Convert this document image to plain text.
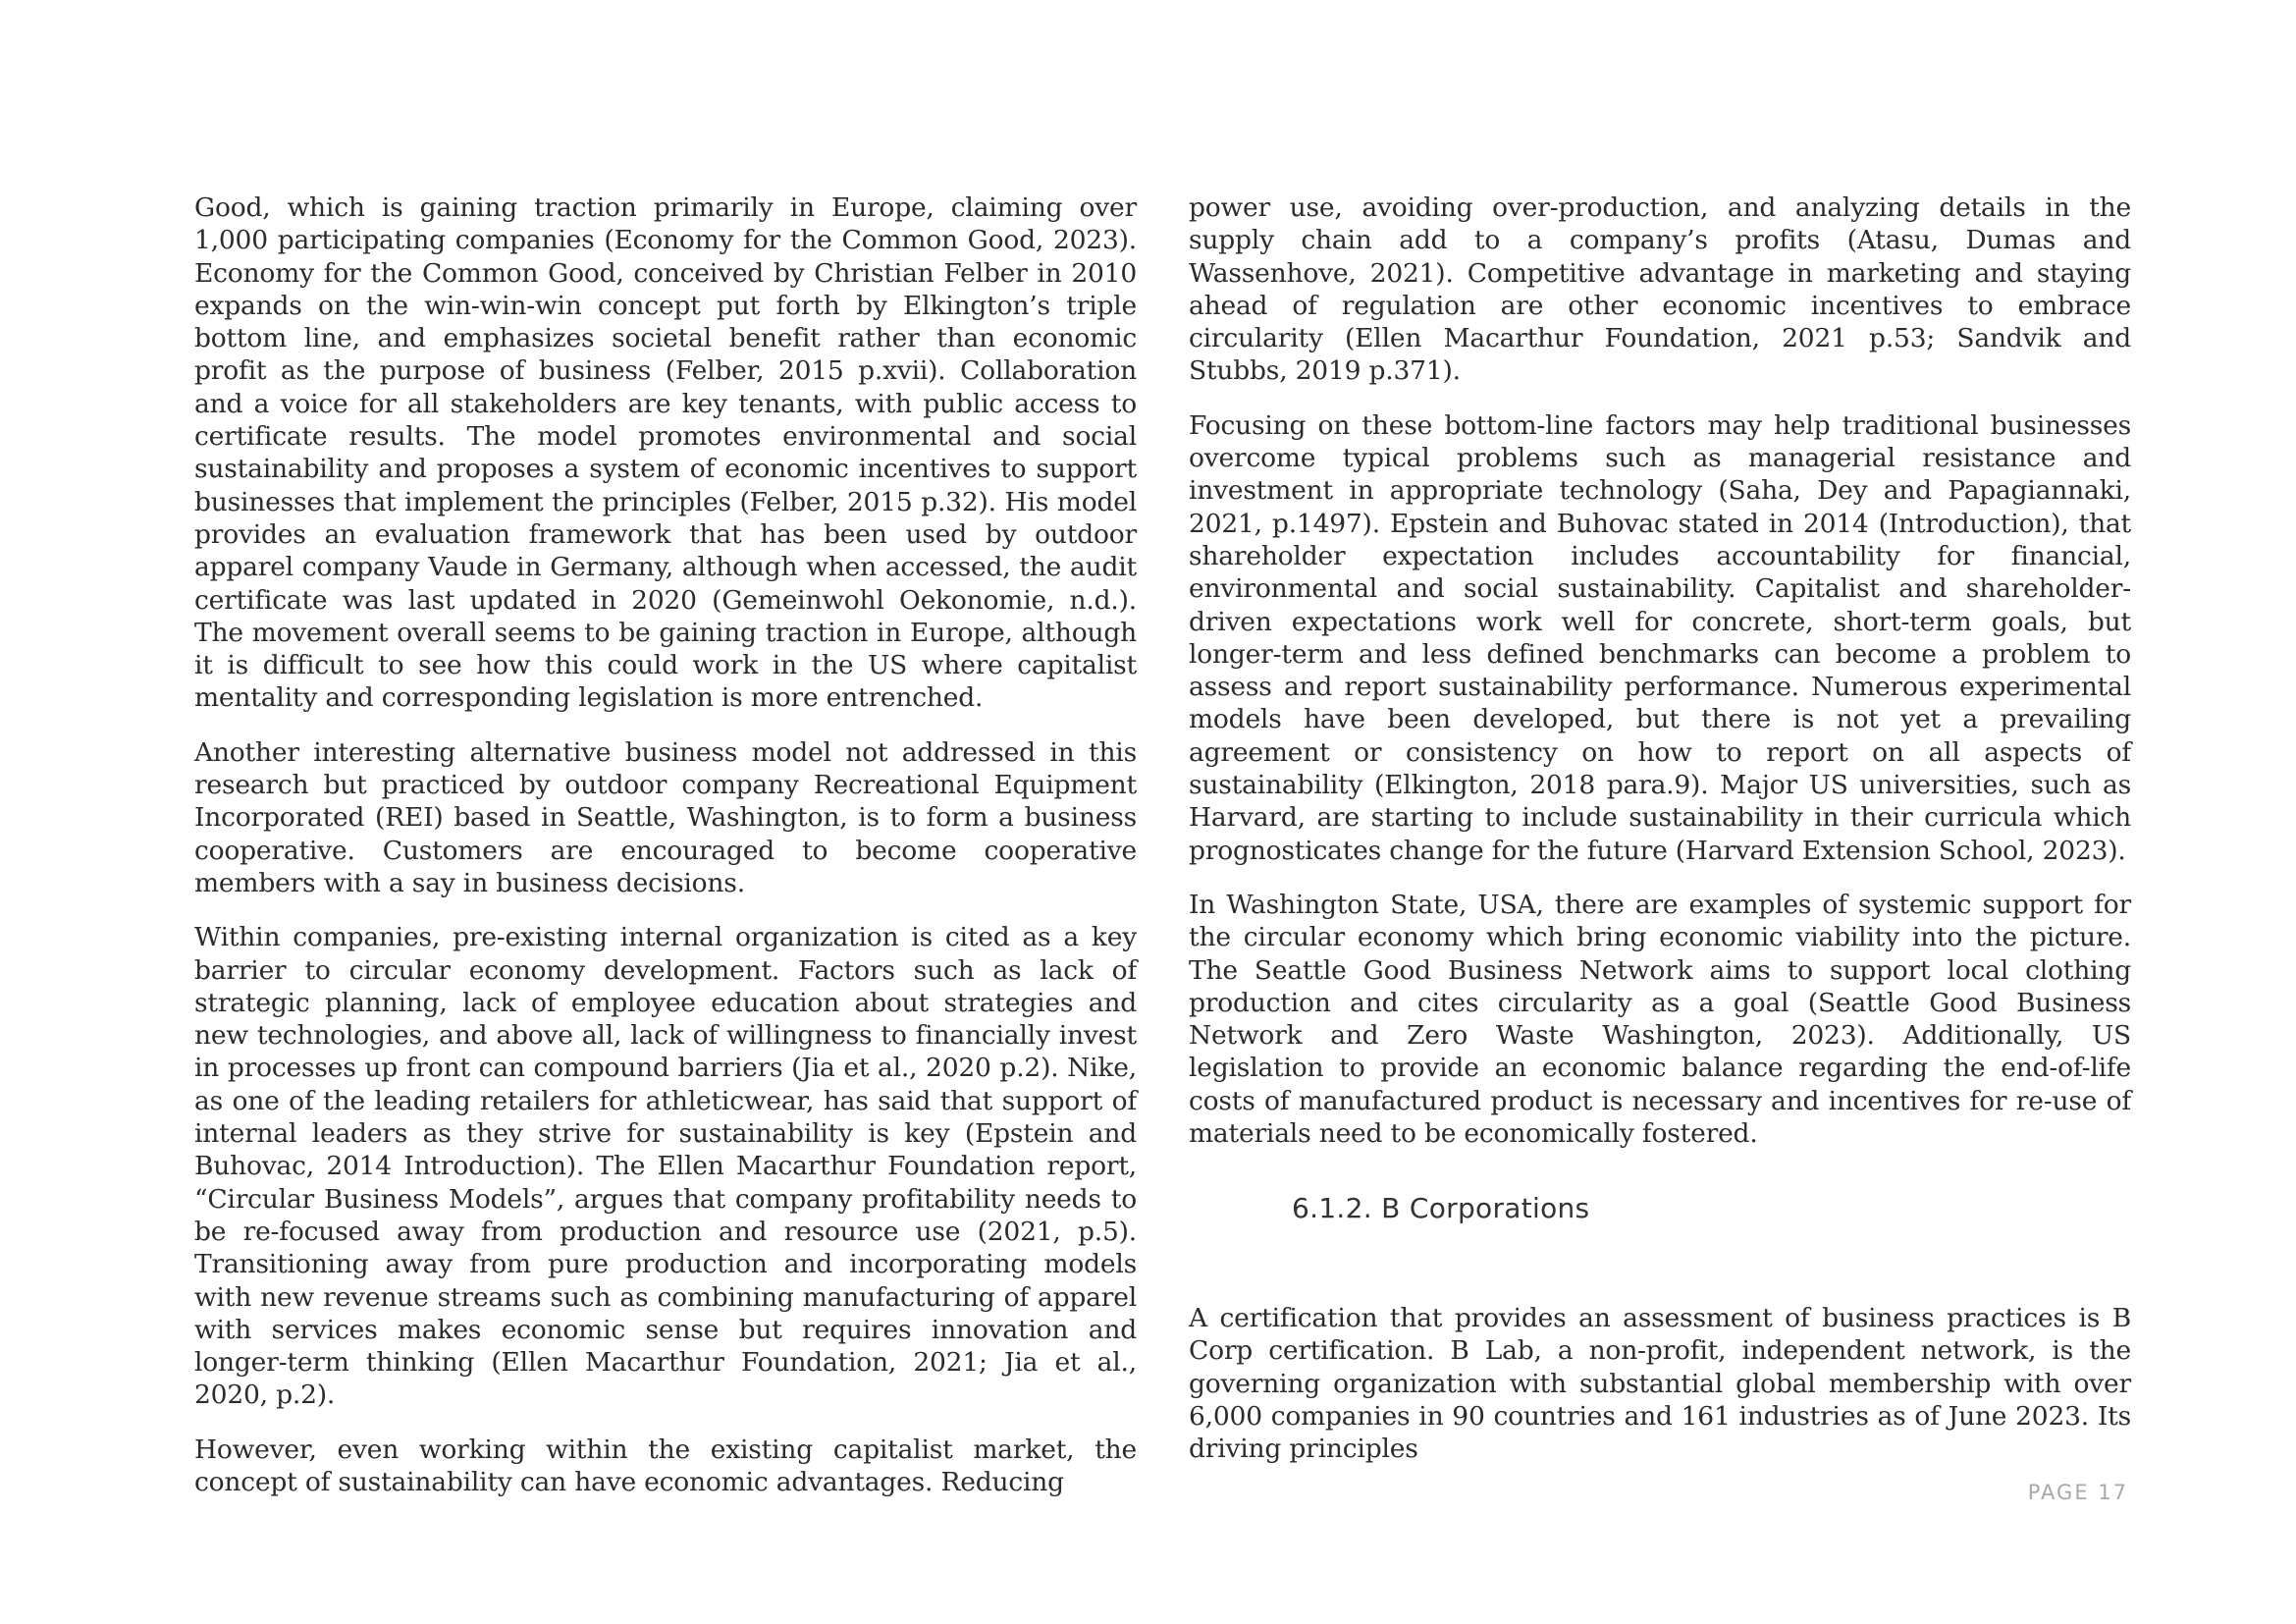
Good, which is gaining traction primarily in Europe, claiming over 1,000 participating companies (Economy for the Common Good, 2023). Economy for the Common Good, conceived by Christian Felber in 2010 expands on the win-win-win concept put forth by Elkington’s triple bottom line, and emphasizes societal benefit rather than economic profit as the purpose of business (Felber, 2015 p.xvii). Collaboration and a voice for all stakeholders are key tenants, with public access to certificate results. The model promotes environmental and social sustainability and proposes a system of economic incentives to support businesses that implement the principles (Felber, 2015 p.32). His model provides an evaluation framework that has been used by outdoor apparel company Vaude in Germany, although when accessed, the audit certificate was last updated in 2020 (Gemeinwohl Oekonomie, n.d.). The movement overall seems to be gaining traction in Europe, although it is difficult to see how this could work in the US where capitalist mentality and corresponding legislation is more entrenched.

Another interesting alternative business model not addressed in this research but practiced by outdoor company Recreational Equipment Incorporated (REI) based in Seattle, Washington, is to form a business cooperative. Customers are encouraged to become cooperative members with a say in business decisions.

Within companies, pre-existing internal organization is cited as a key barrier to circular economy development. Factors such as lack of strategic planning, lack of employee education about strategies and new technologies, and above all, lack of willingness to financially invest in processes up front can compound barriers (Jia et al., 2020 p.2). Nike, as one of the leading retailers for athleticwear, has said that support of internal leaders as they strive for sustainability is key (Epstein and Buhovac, 2014 Introduction). The Ellen Macarthur Foundation report, “Circular Business Models”, argues that company profitability needs to be re-focused away from production and resource use (2021, p.5). Transitioning away from pure production and incorporating models with new revenue streams such as combining manufacturing of apparel with services makes economic sense but requires innovation and longer-term thinking (Ellen Macarthur Foundation, 2021; Jia et al., 2020, p.2).

However, even working within the existing capitalist market, the concept of sustainability can have economic advantages. Reducing

power use, avoiding over-production, and analyzing details in the supply chain add to a company’s profits (Atasu, Dumas and Wassenhove, 2021). Competitive advantage in marketing and staying ahead of regulation are other economic incentives to embrace circularity (Ellen Macarthur Foundation, 2021 p.53; Sandvik and Stubbs, 2019 p.371).

Focusing on these bottom-line factors may help traditional businesses overcome typical problems such as managerial resistance and investment in appropriate technology (Saha, Dey and Papagiannaki, 2021, p.1497). Epstein and Buhovac stated in 2014 (Introduction), that shareholder expectation includes accountability for financial, environmental and social sustainability. Capitalist and shareholder-driven expectations work well for concrete, short-term goals, but longer-term and less defined benchmarks can become a problem to assess and report sustainability performance. Numerous experimental models have been developed, but there is not yet a prevailing agreement or consistency on how to report on all aspects of sustainability (Elkington, 2018 para.9). Major US universities, such as Harvard, are starting to include sustainability in their curricula which prognosticates change for the future (Harvard Extension School, 2023).

In Washington State, USA, there are examples of systemic support for the circular economy which bring economic viability into the picture. The Seattle Good Business Network aims to support local clothing production and cites circularity as a goal (Seattle Good Business Network and Zero Waste Washington, 2023). Additionally, US legislation to provide an economic balance regarding the end-of-life costs of manufactured product is necessary and incentives for re-use of materials need to be economically fostered.

6.1.2. B Corporations

A certification that provides an assessment of business practices is B Corp certification. B Lab, a non-profit, independent network, is the governing organization with substantial global membership with over 6,000 companies in 90 countries and 161 industries as of June 2023. Its driving principles

PAGE 17
